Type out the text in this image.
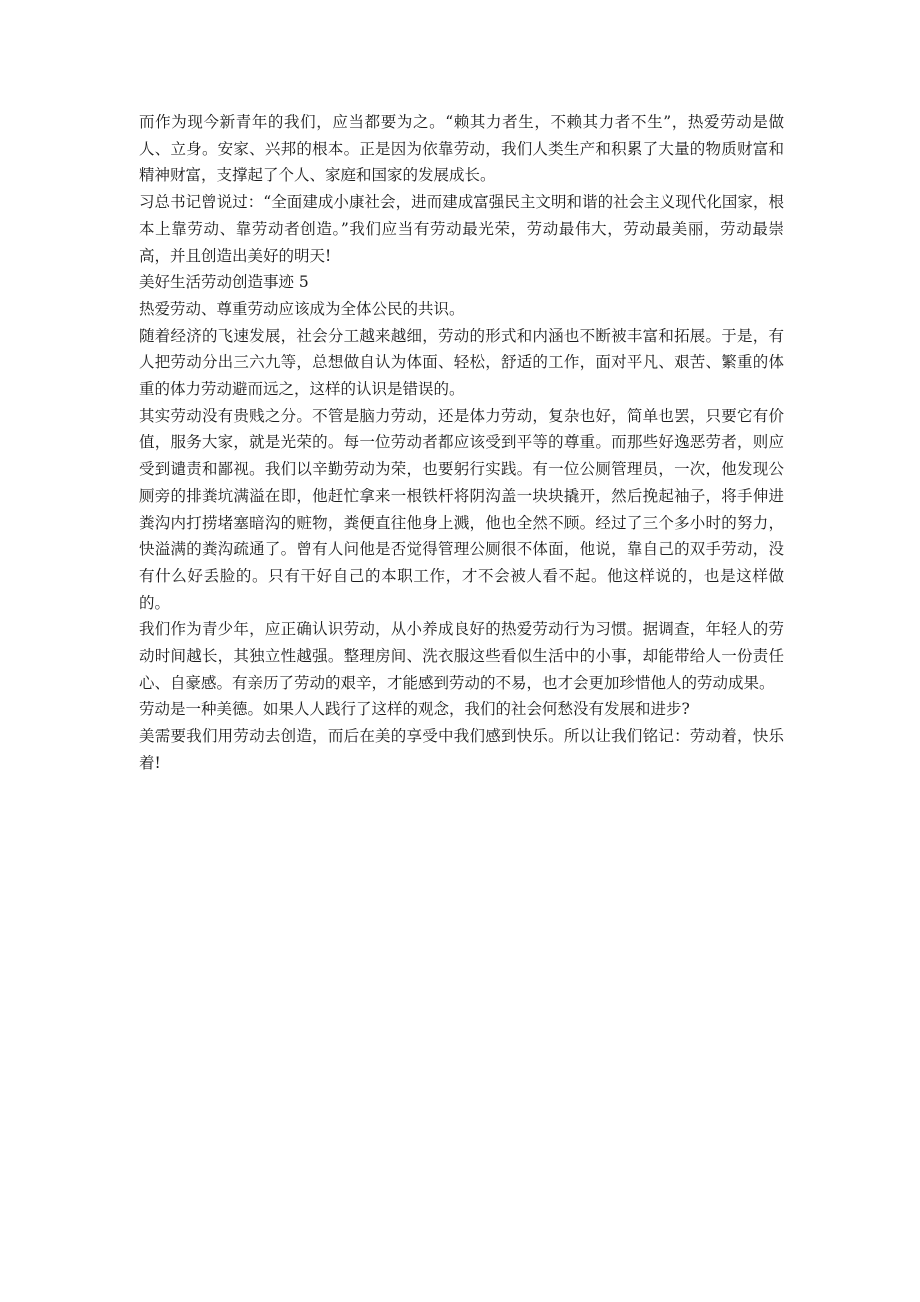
而作为现今新青年的我们，应当都要为之。“赖其力者生，不赖其力者不生”，热爱劳动是做人、立身。安家、兴邦的根本。正是因为依靠劳动，我们人类生产和积累了大量的物质财富和精神财富，支撑起了个人、家庭和国家的发展成长。

习总书记曾说过：“全面建成小康社会，进而建成富强民主文明和谐的社会主义现代化国家，根本上靠劳动、靠劳动者创造。”我们应当有劳动最光荣，劳动最伟大，劳动最美丽，劳动最崇高，并且创造出美好的明天!

美好生活劳动创造事迹 5

热爱劳动、尊重劳动应该成为全体公民的共识。

随着经济的飞速发展，社会分工越来越细，劳动的形式和内涵也不断被丰富和拓展。于是，有人把劳动分出三六九等，总想做自认为体面、轻松，舒适的工作，面对平凡、艰苦、繁重的体重的体力劳动避而远之，这样的认识是错误的。

其实劳动没有贵贱之分。不管是脑力劳动，还是体力劳动，复杂也好，简单也罢，只要它有价值，服务大家，就是光荣的。每一位劳动者都应该受到平等的尊重。而那些好逸恶劳者，则应受到谴责和鄙视。我们以辛勤劳动为荣，也要躬行实践。有一位公厕管理员，一次，他发现公厕旁的排粪坑满溢在即，他赶忙拿来一根铁杆将阴沟盖一块块撬开，然后挽起袖子，将手伸进粪沟内打捞堵塞暗沟的赃物，粪便直往他身上溅，他也全然不顾。经过了三个多小时的努力，快溢满的粪沟疏通了。曾有人问他是否觉得管理公厕很不体面，他说，靠自己的双手劳动，没有什么好丢脸的。只有干好自己的本职工作，才不会被人看不起。他这样说的，也是这样做的。

我们作为青少年，应正确认识劳动，从小养成良好的热爱劳动行为习惯。据调查，年轻人的劳动时间越长，其独立性越强。整理房间、洗衣服这些看似生活中的小事，却能带给人一份责任心、自豪感。有亲历了劳动的艰辛，才能感到劳动的不易，也才会更加珍惜他人的劳动成果。

劳动是一种美德。如果人人践行了这样的观念，我们的社会何愁没有发展和进步?

美需要我们用劳动去创造，而后在美的享受中我们感到快乐。所以让我们铭记：劳动着，快乐着!
